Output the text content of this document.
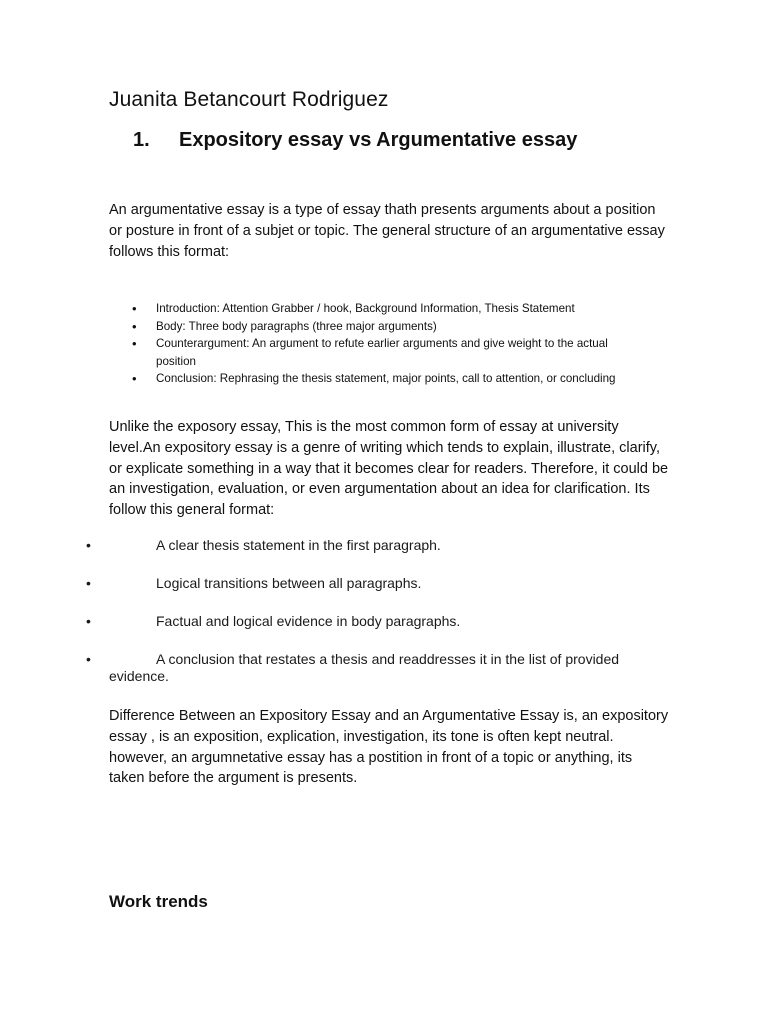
Juanita Betancourt Rodriguez
1. Expository essay vs Argumentative essay

An argumentative essay is a type of essay thath presents arguments about a position or posture in front of a subjet or topic. The general structure of an argumentative essay follows this format:

• Introduction: Attention Grabber / hook, Background Information, Thesis Statement
• Body: Three body paragraphs (three major arguments)
• Counterargument: An argument to refute earlier arguments and give weight to the actual position
• Conclusion: Rephrasing the thesis statement, major points, call to attention, or concluding

Unlike the exposory essay, This is the most common form of essay at university level.An expository essay is a genre of writing which tends to explain, illustrate, clarify, or explicate something in a way that it becomes clear for readers. Therefore, it could be an investigation, evaluation, or even argumentation about an idea for clarification. Its follow this general format:

•	A clear thesis statement in the first paragraph.
•	Logical transitions between all paragraphs.
•	Factual and logical evidence in body paragraphs.
•	A conclusion that restates a thesis and readdresses it in the list of provided evidence.

Difference Between an Expository Essay and an Argumentative Essay is, an expository essay , is an exposition, explication, investigation, its tone is often kept neutral. however, an argumnetative essay has a postition in front of a topic or anything, its taken before the argument is presents.

Work trends
